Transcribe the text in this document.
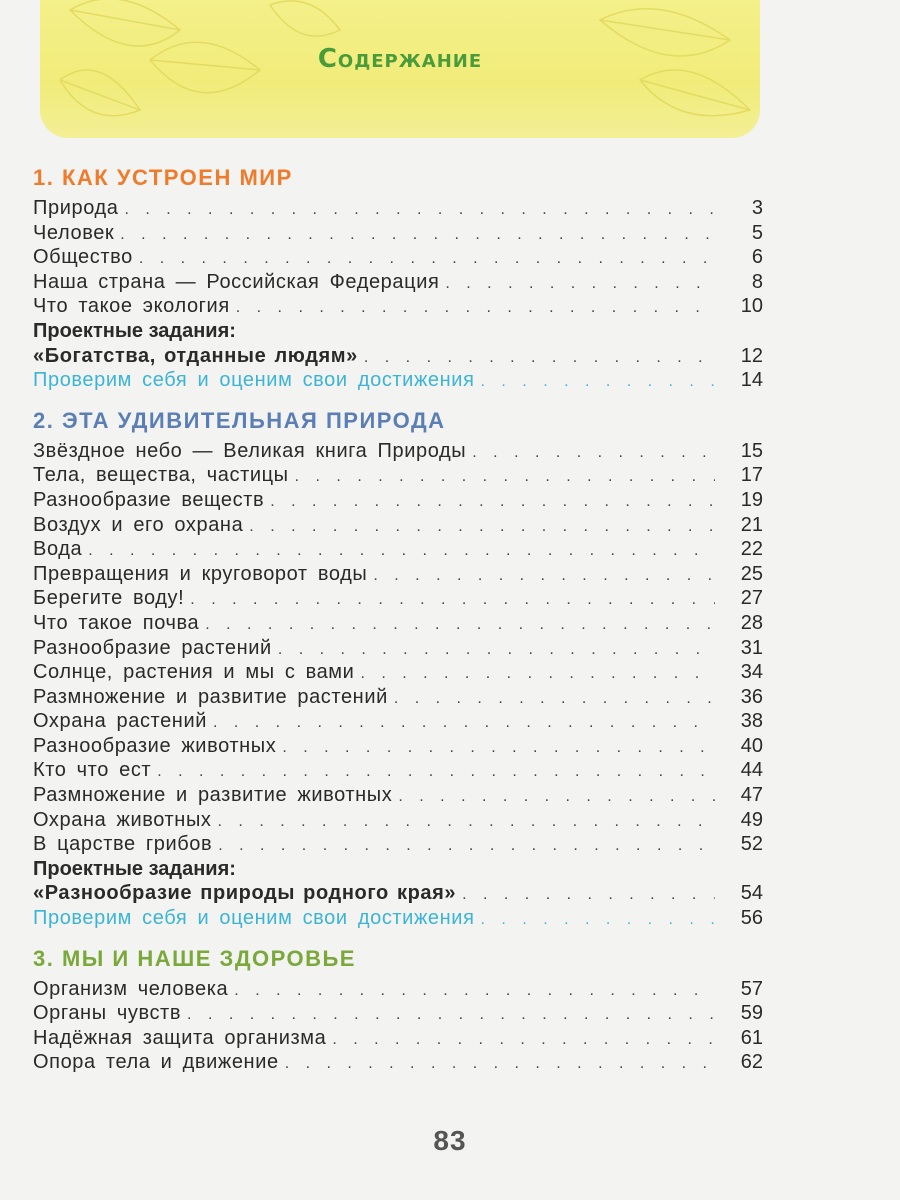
Содержание
1. КАК УСТРОЕН МИР
Природа . . .	3
Человек . . .	5
Общество . . .	6
Наша страна — Российская Федерация . . .	8
Что такое экология . . .	10
Проектные задания:
«Богатства, отданные людям» . . .	12
Проверим себя и оценим свои достижения . . .	14
2. ЭТА УДИВИТЕЛЬНАЯ ПРИРОДА
Звёздное небо — Великая книга Природы . . .	15
Тела, вещества, частицы . . .	17
Разнообразие веществ . . .	19
Воздух и его охрана . . .	21
Вода . . .	22
Превращения и круговорот воды . . .	25
Берегите воду! . . .	27
Что такое почва . . .	28
Разнообразие растений . . .	31
Солнце, растения и мы с вами . . .	34
Размножение и развитие растений . . .	36
Охрана растений . . .	38
Разнообразие животных . . .	40
Кто что ест . . .	44
Размножение и развитие животных . . .	47
Охрана животных . . .	49
В царстве грибов . . .	52
Проектные задания:
«Разнообразие природы родного края» . . .	54
Проверим себя и оценим свои достижения . . .	56
3. МЫ И НАШЕ ЗДОРОВЬЕ
Организм человека . . .	57
Органы чувств . . .	59
Надёжная защита организма . . .	61
Опора тела и движение . . .	62
83
